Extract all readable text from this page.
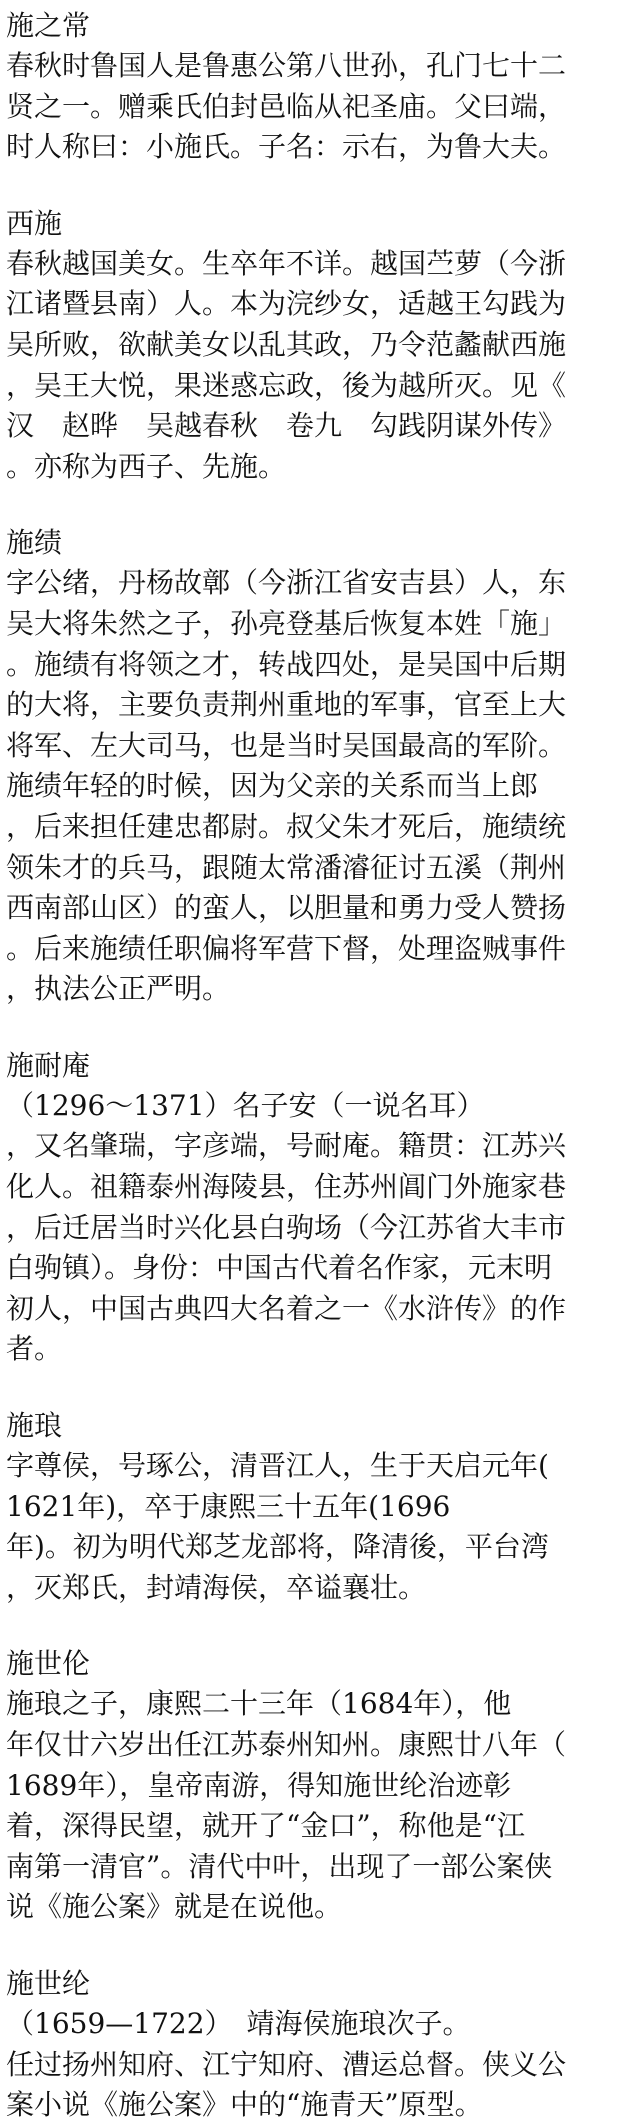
施之常

春秋时鲁国人是鲁惠公第八世孙，孔门七十二

贤之一。赠乘氏伯封邑临从祀圣庙。父曰端，

时人称曰：小施氏。子名：示右，为鲁大夫。

西施

春秋越国美女。生卒年不详。越国苎萝（今浙

江诸暨县南）人。本为浣纱女，适越王勾践为

吴所败，欲献美女以乱其政，乃令范蠡献西施

，吴王大悦，果迷惑忘政，後为越所灭。见《

汉　赵晔　吴越春秋　卷九　勾践阴谋外传》

。亦称为西子、先施。

施绩

字公绪，丹杨故鄣（今浙江省安吉县）人，东

吴大将朱然之子，孙亮登基后恢复本姓「施」

。施绩有将领之才，转战四处，是吴国中后期

的大将，主要负责荆州重地的军事，官至上大

将军、左大司马，也是当时吴国最高的军阶。

施绩年轻的时候，因为父亲的关系而当上郎

，后来担任建忠都尉。叔父朱才死后，施绩统

领朱才的兵马，跟随太常潘濬征讨五溪（荆州

西南部山区）的蛮人，以胆量和勇力受人赞扬

。后来施绩任职偏将军营下督，处理盗贼事件

，执法公正严明。

施耐庵

（1296～1371）名子安（一说名耳）

，又名肇瑞，字彦端，号耐庵。籍贯：江苏兴

化人。祖籍泰州海陵县，住苏州阊门外施家巷

，后迁居当时兴化县白驹场（今江苏省大丰市

白驹镇）。身份：中国古代着名作家，元末明

初人，中国古典四大名着之一《水浒传》的作

者。

施琅

字尊侯，号琢公，清晋江人，生于天启元年(

1621年)，卒于康熙三十五年(1696

年)。初为明代郑芝龙部将，降清後，平台湾

，灭郑氏，封靖海侯，卒谥襄壮。

施世伦

施琅之子，康熙二十三年（1684年），他

年仅廿六岁出任江苏泰州知州。康熙廿八年（

1689年），皇帝南游，得知施世纶治迹彰

着，深得民望，就开了“金口”，称他是“江

南第一清官”。清代中叶，出现了一部公案侠

说《施公案》就是在说他。

施世纶

（1659—1722）　靖海侯施琅次子。

任过扬州知府、江宁知府、漕运总督。侠义公

案小说《施公案》中的“施青天”原型。
